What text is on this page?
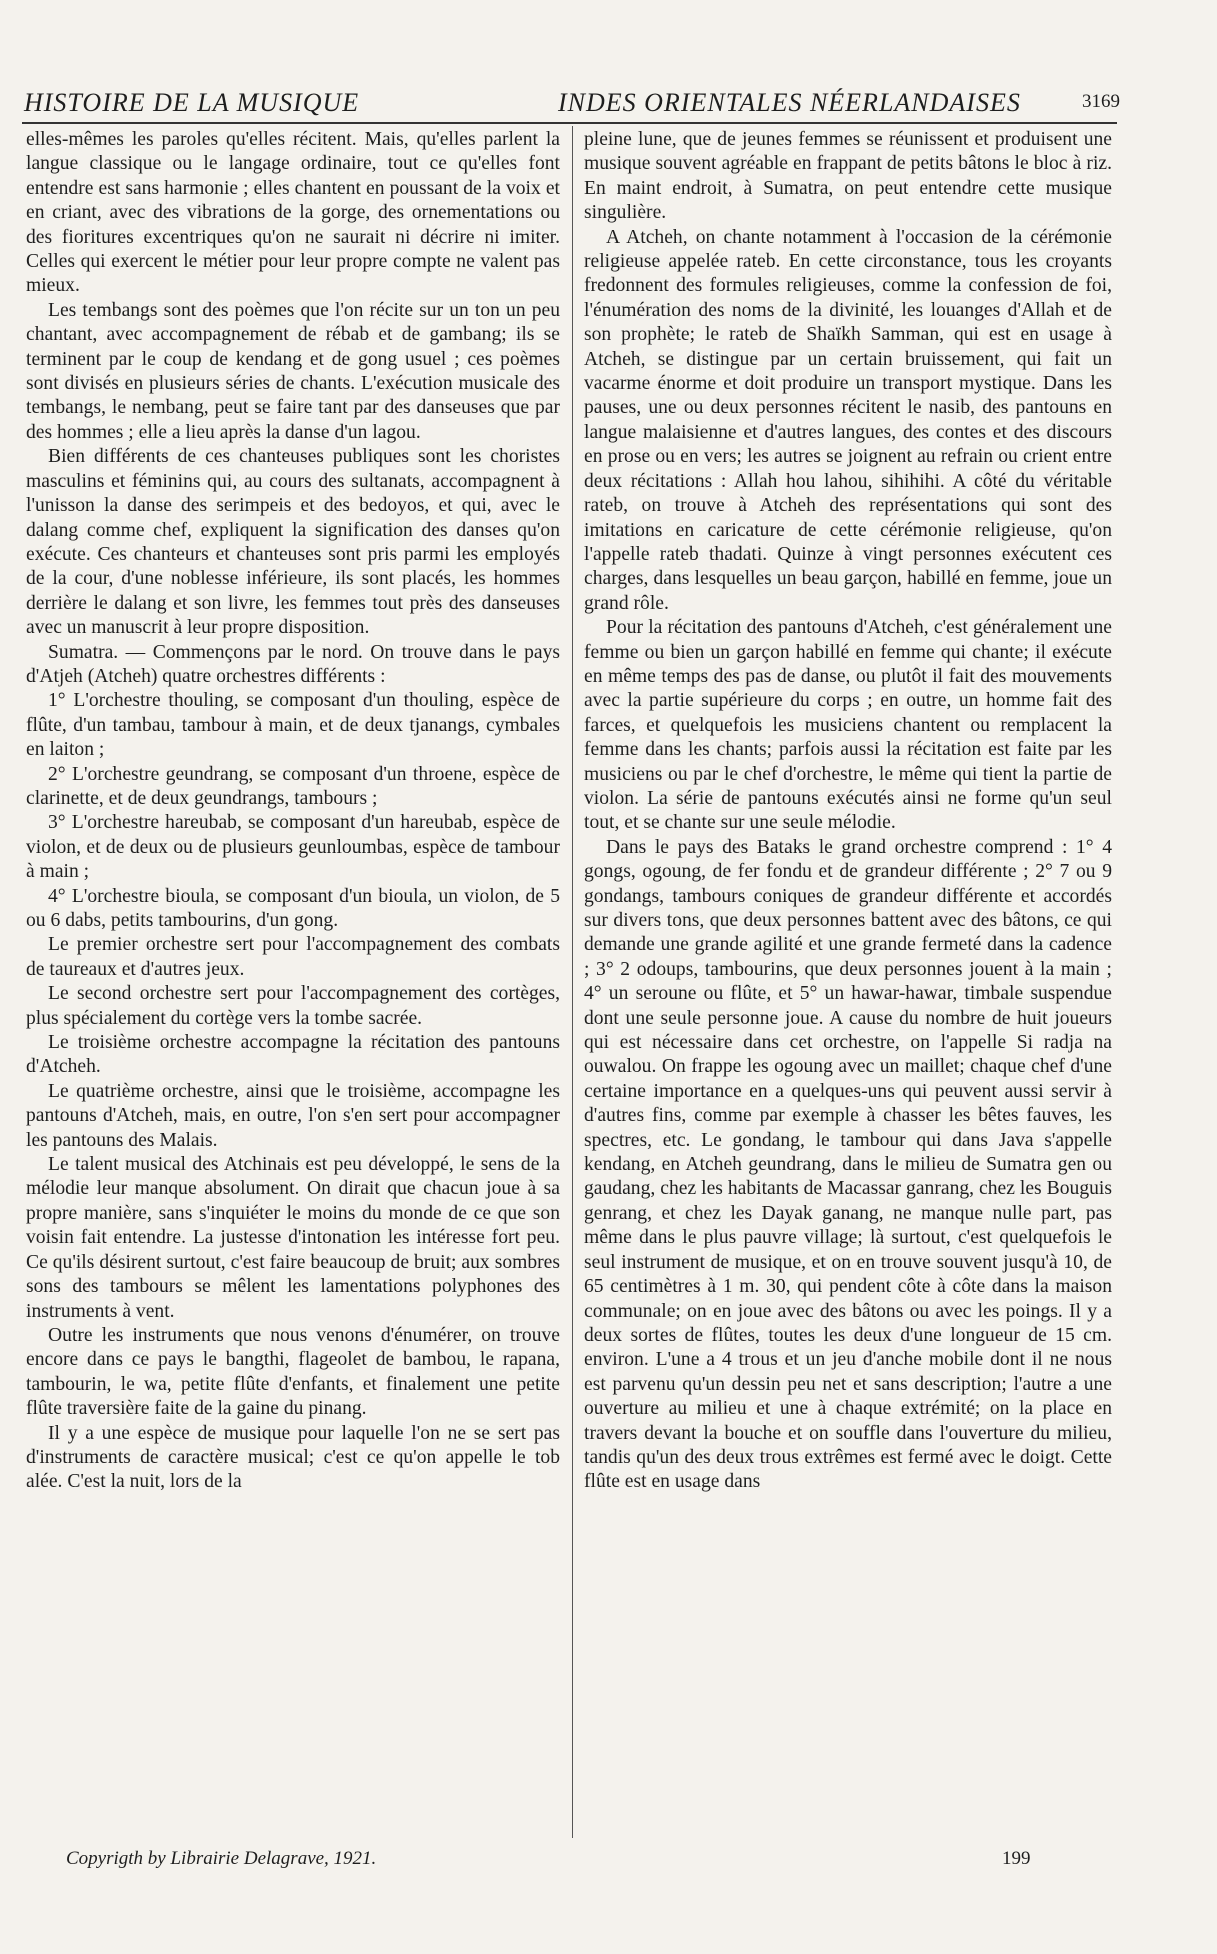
HISTOIRE DE LA MUSIQUE	INDES ORIENTALES NÉERLANDAISES	3169

elles-mêmes les paroles qu'elles récitent. Mais, qu'elles parlent la langue classique ou le langage ordinaire, tout ce qu'elles font entendre est sans harmonie ; elles chantent en poussant de la voix et en criant, avec des vibrations de la gorge, des ornementations ou des fioritures excentriques qu'on ne saurait ni décrire ni imiter. Celles qui exercent le métier pour leur propre compte ne valent pas mieux.

Les tembangs sont des poèmes que l'on récite sur un ton un peu chantant, avec accompagnement de rébab et de gambang; ils se terminent par le coup de kendang et de gong usuel ; ces poèmes sont divisés en plusieurs séries de chants. L'exécution musicale des tembangs, le nembang, peut se faire tant par des danseuses que par des hommes ; elle a lieu après la danse d'un lagou.

Bien différents de ces chanteuses publiques sont les choristes masculins et féminins qui, au cours des sultanats, accompagnent à l'unisson la danse des serimpeis et des bedoyos, et qui, avec le dalang comme chef, expliquent la signification des danses qu'on exécute. Ces chanteurs et chanteuses sont pris parmi les employés de la cour, d'une noblesse inférieure, ils sont placés, les hommes derrière le dalang et son livre, les femmes tout près des danseuses avec un manuscrit à leur propre disposition.

Sumatra. — Commençons par le nord. On trouve dans le pays d'Atjeh (Atcheh) quatre orchestres différents :

1° L'orchestre thouling, se composant d'un thouling, espèce de flûte, d'un tambau, tambour à main, et de deux tjanangs, cymbales en laiton ;

2° L'orchestre geundrang, se composant d'un throene, espèce de clarinette, et de deux geundrangs, tambours ;

3° L'orchestre hareubab, se composant d'un hareubab, espèce de violon, et de deux ou de plusieurs geunloumbas, espèce de tambour à main ;

4° L'orchestre bioula, se composant d'un bioula, un violon, de 5 ou 6 dabs, petits tambourins, d'un gong.

Le premier orchestre sert pour l'accompagnement des combats de taureaux et d'autres jeux.

Le second orchestre sert pour l'accompagnement des cortèges, plus spécialement du cortège vers la tombe sacrée.

Le troisième orchestre accompagne la récitation des pantouns d'Atcheh.

Le quatrième orchestre, ainsi que le troisième, accompagne les pantouns d'Atcheh, mais, en outre, l'on s'en sert pour accompagner les pantouns des Malais.

Le talent musical des Atchinais est peu développé, le sens de la mélodie leur manque absolument. On dirait que chacun joue à sa propre manière, sans s'inquiéter le moins du monde de ce que son voisin fait entendre. La justesse d'intonation les intéresse fort peu. Ce qu'ils désirent surtout, c'est faire beaucoup de bruit; aux sombres sons des tambours se mêlent les lamentations polyphones des instruments à vent.

Outre les instruments que nous venons d'énumérer, on trouve encore dans ce pays le bangthi, flageolet de bambou, le rapana, tambourin, le wa, petite flûte d'enfants, et finalement une petite flûte traversière faite de la gaine du pinang.

Il y a une espèce de musique pour laquelle l'on ne se sert pas d'instruments de caractère musical; c'est ce qu'on appelle le tob alée. C'est la nuit, lors de la

pleine lune, que de jeunes femmes se réunissent et produisent une musique souvent agréable en frappant de petits bâtons le bloc à riz. En maint endroit, à Sumatra, on peut entendre cette musique singulière.

A Atcheh, on chante notamment à l'occasion de la cérémonie religieuse appelée rateb. En cette circonstance, tous les croyants fredonnent des formules religieuses, comme la confession de foi, l'énumération des noms de la divinité, les louanges d'Allah et de son prophète; le rateb de Shaïkh Samman, qui est en usage à Atcheh, se distingue par un certain bruissement, qui fait un vacarme énorme et doit produire un transport mystique. Dans les pauses, une ou deux personnes récitent le nasib, des pantouns en langue malaisienne et d'autres langues, des contes et des discours en prose ou en vers; les autres se joignent au refrain ou crient entre deux récitations : Allah hou lahou, sihihihi. A côté du véritable rateb, on trouve à Atcheh des représentations qui sont des imitations en caricature de cette cérémonie religieuse, qu'on l'appelle rateb thadati. Quinze à vingt personnes exécutent ces charges, dans lesquelles un beau garçon, habillé en femme, joue un grand rôle.

Pour la récitation des pantouns d'Atcheh, c'est généralement une femme ou bien un garçon habillé en femme qui chante; il exécute en même temps des pas de danse, ou plutôt il fait des mouvements avec la partie supérieure du corps ; en outre, un homme fait des farces, et quelquefois les musiciens chantent ou remplacent la femme dans les chants; parfois aussi la récitation est faite par les musiciens ou par le chef d'orchestre, le même qui tient la partie de violon. La série de pantouns exécutés ainsi ne forme qu'un seul tout, et se chante sur une seule mélodie.

Dans le pays des Bataks le grand orchestre comprend : 1° 4 gongs, ogoung, de fer fondu et de grandeur différente ; 2° 7 ou 9 gondangs, tambours coniques de grandeur différente et accordés sur divers tons, que deux personnes battent avec des bâtons, ce qui demande une grande agilité et une grande fermeté dans la cadence ; 3° 2 odoups, tambourins, que deux personnes jouent à la main ; 4° un seroune ou flûte, et 5° un hawar-hawar, timbale suspendue dont une seule personne joue. A cause du nombre de huit joueurs qui est nécessaire dans cet orchestre, on l'appelle Si radja na ouwalou. On frappe les ogoung avec un maillet; chaque chef d'une certaine importance en a quelques-uns qui peuvent aussi servir à d'autres fins, comme par exemple à chasser les bêtes fauves, les spectres, etc. Le gondang, le tambour qui dans Java s'appelle kendang, en Atcheh geundrang, dans le milieu de Sumatra gen ou gaudang, chez les habitants de Macassar ganrang, chez les Bouguis genrang, et chez les Dayak ganang, ne manque nulle part, pas même dans le plus pauvre village; là surtout, c'est quelquefois le seul instrument de musique, et on en trouve souvent jusqu'à 10, de 65 centimètres à 1 m. 30, qui pendent côte à côte dans la maison communale; on en joue avec des bâtons ou avec les poings. Il y a deux sortes de flûtes, toutes les deux d'une longueur de 15 cm. environ. L'une a 4 trous et un jeu d'anche mobile dont il ne nous est parvenu qu'un dessin peu net et sans description; l'autre a une ouverture au milieu et une à chaque extrémité; on la place en travers devant la bouche et on souffle dans l'ouverture du milieu, tandis qu'un des deux trous extrêmes est fermé avec le doigt. Cette flûte est en usage dans

Copyrigth by Librairie Delagrave, 1921.	199
